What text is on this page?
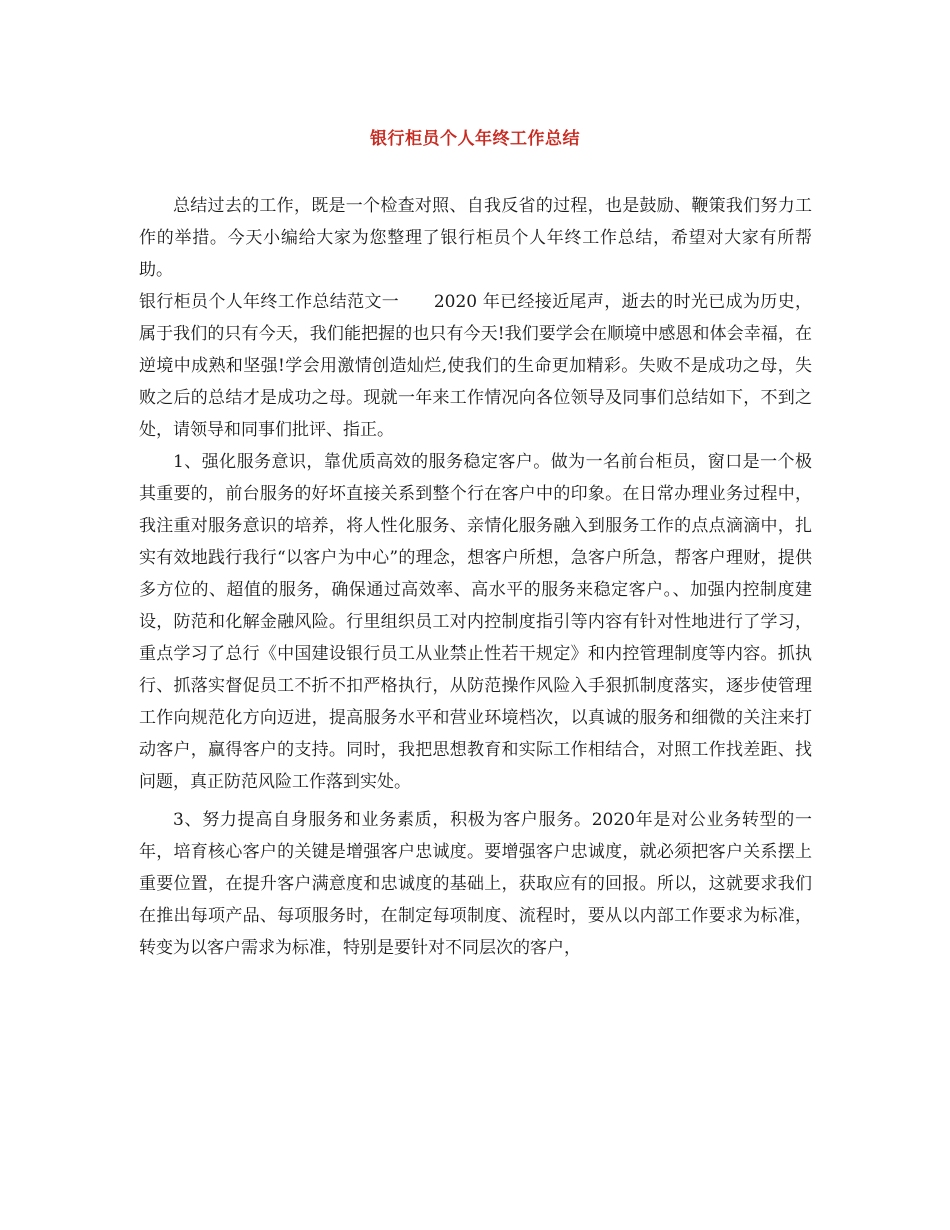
银行柜员个人年终工作总结

总结过去的工作，既是一个检查对照、自我反省的过程，也是鼓励、鞭策我们努力工作的举措。今天小编给大家为您整理了银行柜员个人年终工作总结，希望对大家有所帮助。

银行柜员个人年终工作总结范文一　　2020 年已经接近尾声，逝去的时光已成为历史，属于我们的只有今天，我们能把握的也只有今天!我们要学会在顺境中感恩和体会幸福，在逆境中成熟和坚强!学会用激情创造灿烂,使我们的生命更加精彩。失败不是成功之母，失败之后的总结才是成功之母。现就一年来工作情况向各位领导及同事们总结如下，不到之处，请领导和同事们批评、指正。

1、强化服务意识，靠优质高效的服务稳定客户。做为一名前台柜员，窗口是一个极其重要的，前台服务的好坏直接关系到整个行在客户中的印象。在日常办理业务过程中，我注重对服务意识的培养，将人性化服务、亲情化服务融入到服务工作的点点滴滴中，扎实有效地践行我行“以客户为中心”的理念，想客户所想，急客户所急，帮客户理财，提供多方位的、超值的服务，确保通过高效率、高水平的服务来稳定客户。、加强内控制度建设，防范和化解金融风险。行里组织员工对内控制度指引等内容有针对性地进行了学习，重点学习了总行《中国建设银行员工从业禁止性若干规定》和内控管理制度等内容。抓执行、抓落实督促员工不折不扣严格执行，从防范操作风险入手狠抓制度落实，逐步使管理工作向规范化方向迈进，提高服务水平和营业环境档次，以真诚的服务和细微的关注来打动客户，赢得客户的支持。同时，我把思想教育和实际工作相结合，对照工作找差距、找问题，真正防范风险工作落到实处。

3、努力提高自身服务和业务素质，积极为客户服务。2020年是对公业务转型的一年，培育核心客户的关键是增强客户忠诚度。要增强客户忠诚度，就必须把客户关系摆上重要位置，在提升客户满意度和忠诚度的基础上，获取应有的回报。所以，这就要求我们在推出每项产品、每项服务时，在制定每项制度、流程时，要从以内部工作要求为标准，转变为以客户需求为标准，特别是要针对不同层次的客户，
